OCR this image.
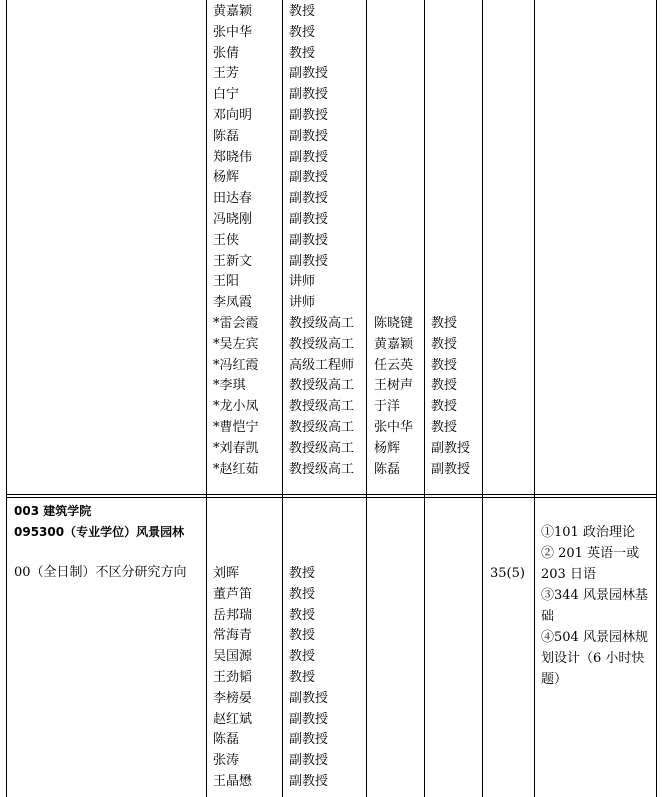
黄嘉颖
张中华
张倩
王芳
白宁
邓向明
陈磊
郑晓伟
杨辉
田达春
冯晓刚
王侠
王新文
王阳
李凤霞
*雷会霞
*吴左宾
*冯红霞
*李琪
*龙小凤
*曹恺宁
*刘春凯
*赵红茹
教授
教授
教授
副教授
副教授
副教授
副教授
副教授
副教授
副教授
副教授
副教授
副教授
讲师
讲师
教授级高工
教授级高工
高级工程师
教授级高工
教授级高工
教授级高工
教授级高工
教授级高工
陈晓键
黄嘉颖
任云英
王树声
于洋
张中华
杨辉
陈磊
教授
教授
教授
教授
教授
教授
副教授
副教授
003 建筑学院
095300（专业学位）风景园林
00（全日制）不区分研究方向	刘晖
董芦笛
岳邦瑞
常海青
吴国源
王劲韬
李榜晏
赵红斌
陈磊
张涛
王晶懋
教授
教授
教授
教授
教授
教授
副教授
副教授
副教授
副教授
副教授
35(5)
①101 政治理论
② 201 英语一或 203 日语
③344 风景园林基础
④504 风景园林规划设计（6 小时快题）
